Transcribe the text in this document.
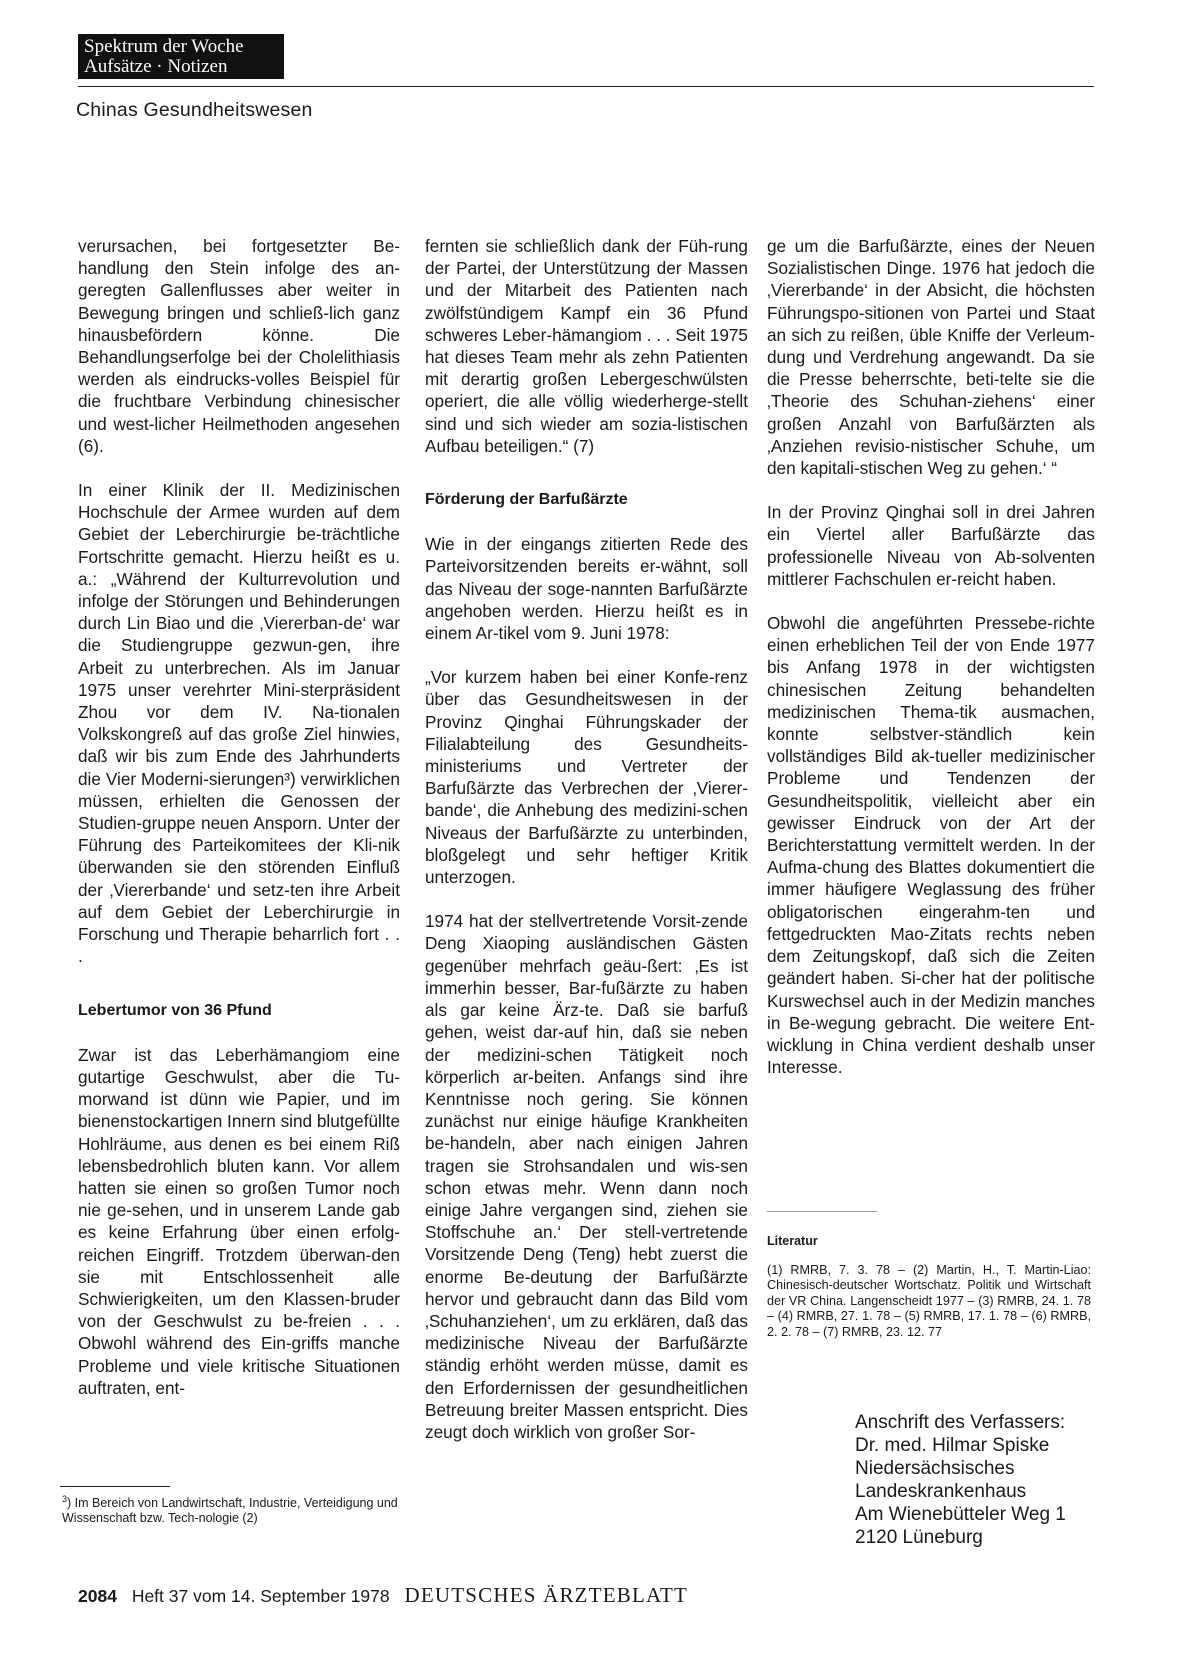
Spektrum der Woche
Aufsätze · Notizen
Chinas Gesundheitswesen

verursachen, bei fortgesetzter Be-handlung den Stein infolge des an-geregten Gallenflusses aber weiter in Bewegung bringen und schließ-lich ganz hinausbefördern könne. Die Behandlungserfolge bei der Cholelithiasis werden als eindrucks-volles Beispiel für die fruchtbare Verbindung chinesischer und west-licher Heilmethoden angesehen (6).

In einer Klinik der II. Medizinischen Hochschule der Armee wurden auf dem Gebiet der Leberchirurgie be-trächtliche Fortschritte gemacht. Hierzu heißt es u. a.: „Während der Kulturrevolution und infolge der Störungen und Behinderungen durch Lin Biao und die ‚Viererban-de‘ war die Studiengruppe gezwun-gen, ihre Arbeit zu unterbrechen. Als im Januar 1975 unser verehrter Mini-sterpräsident Zhou vor dem IV. Na-tionalen Volkskongreß auf das große Ziel hinwies, daß wir bis zum Ende des Jahrhunderts die Vier Moderni-sierungen³) verwirklichen müssen, erhielten die Genossen der Studien-gruppe neuen Ansporn. Unter der Führung des Parteikomitees der Kli-nik überwanden sie den störenden Einfluß der ‚Viererbande‘ und setz-ten ihre Arbeit auf dem Gebiet der Leberchirurgie in Forschung und Therapie beharrlich fort . . .

Lebertumor von 36 Pfund

Zwar ist das Leberhämangiom eine gutartige Geschwulst, aber die Tu-morwand ist dünn wie Papier, und im bienenstockartigen Innern sind blutgefüllte Hohlräume, aus denen es bei einem Riß lebensbedrohlich bluten kann. Vor allem hatten sie einen so großen Tumor noch nie ge-sehen, und in unserem Lande gab es keine Erfahrung über einen erfolg-reichen Eingriff. Trotzdem überwan-den sie mit Entschlossenheit alle Schwierigkeiten, um den Klassen-bruder von der Geschwulst zu be-freien . . . Obwohl während des Ein-griffs manche Probleme und viele kritische Situationen auftraten, ent-

fernten sie schließlich dank der Füh-rung der Partei, der Unterstützung der Massen und der Mitarbeit des Patienten nach zwölfstündigem Kampf ein 36 Pfund schweres Leber-hämangiom . . . Seit 1975 hat dieses Team mehr als zehn Patienten mit derartig großen Lebergeschwülsten operiert, die alle völlig wiederherge-stellt sind und sich wieder am sozia-listischen Aufbau beteiligen.“ (7)

Förderung der Barfußärzte

Wie in der eingangs zitierten Rede des Parteivorsitzenden bereits er-wähnt, soll das Niveau der soge-nannten Barfußärzte angehoben werden. Hierzu heißt es in einem Ar-tikel vom 9. Juni 1978:

„Vor kurzem haben bei einer Konfe-renz über das Gesundheitswesen in der Provinz Qinghai Führungskader der Filialabteilung des Gesundheits-ministeriums und Vertreter der Barfußärzte das Verbrechen der ‚Vierer-bande‘, die Anhebung des medizini-schen Niveaus der Barfußärzte zu unterbinden, bloßgelegt und sehr heftiger Kritik unterzogen.

1974 hat der stellvertretende Vorsit-zende Deng Xiaoping ausländischen Gästen gegenüber mehrfach geäu-ßert: ‚Es ist immerhin besser, Bar-fußärzte zu haben als gar keine Ärz-te. Daß sie barfuß gehen, weist dar-auf hin, daß sie neben der medizini-schen Tätigkeit noch körperlich ar-beiten. Anfangs sind ihre Kenntnisse noch gering. Sie können zunächst nur einige häufige Krankheiten be-handeln, aber nach einigen Jahren tragen sie Strohsandalen und wis-sen schon etwas mehr. Wenn dann noch einige Jahre vergangen sind, ziehen sie Stoffschuhe an.‘ Der stell-vertretende Vorsitzende Deng (Teng) hebt zuerst die enorme Be-deutung der Barfußärzte hervor und gebraucht dann das Bild vom ‚Schuhanziehen‘, um zu erklären, daß das medizinische Niveau der Barfußärzte ständig erhöht werden müsse, damit es den Erfordernissen der gesundheitlichen Betreuung breiter Massen entspricht. Dies zeugt doch wirklich von großer Sor-

ge um die Barfußärzte, eines der Neuen Sozialistischen Dinge. 1976 hat jedoch die ‚Viererbande‘ in der Absicht, die höchsten Führungspo-sitionen von Partei und Staat an sich zu reißen, üble Kniffe der Verleum-dung und Verdrehung angewandt. Da sie die Presse beherrschte, beti-telte sie die ‚Theorie des Schuhan-ziehens‘ einer großen Anzahl von Barfußärzten als ‚Anziehen revisio-nistischer Schuhe, um den kapitali-stischen Weg zu gehen.‘ “

In der Provinz Qinghai soll in drei Jahren ein Viertel aller Barfußärzte das professionelle Niveau von Ab-solventen mittlerer Fachschulen er-reicht haben.

Obwohl die angeführten Pressebe-richte einen erheblichen Teil der von Ende 1977 bis Anfang 1978 in der wichtigsten chinesischen Zeitung behandelten medizinischen Thema-tik ausmachen, konnte selbstver-ständlich kein vollständiges Bild ak-tueller medizinischer Probleme und Tendenzen der Gesundheitspolitik, vielleicht aber ein gewisser Eindruck von der Art der Berichterstattung vermittelt werden. In der Aufma-chung des Blattes dokumentiert die immer häufigere Weglassung des früher obligatorischen eingerahm-ten und fettgedruckten Mao-Zitats rechts neben dem Zeitungskopf, daß sich die Zeiten geändert haben. Si-cher hat der politische Kurswechsel auch in der Medizin manches in Be-wegung gebracht. Die weitere Ent-wicklung in China verdient deshalb unser Interesse.

$^3$) Im Bereich von Landwirtschaft, Industrie, Verteidigung und Wissenschaft bzw. Tech-nologie (2)
Literatur
(1) RMRB, 7. 3. 78 – (2) Martin, H., T. Martin-Liao: Chinesisch-deutscher Wortschatz. Politik und Wirtschaft der VR China. Langenscheidt 1977 – (3) RMRB, 24. 1. 78 – (4) RMRB, 27. 1. 78 – (5) RMRB, 17. 1. 78 – (6) RMRB, 2. 2. 78 – (7) RMRB, 23. 12. 77
Anschrift des Verfassers:
Dr. med. Hilmar Spiske
Niedersächsisches
Landeskrankenhaus
Am Wienebütteler Weg 1
2120 Lüneburg
2084 Heft 37 vom 14. September 1978 DEUTSCHES ÄRZTEBLATT
